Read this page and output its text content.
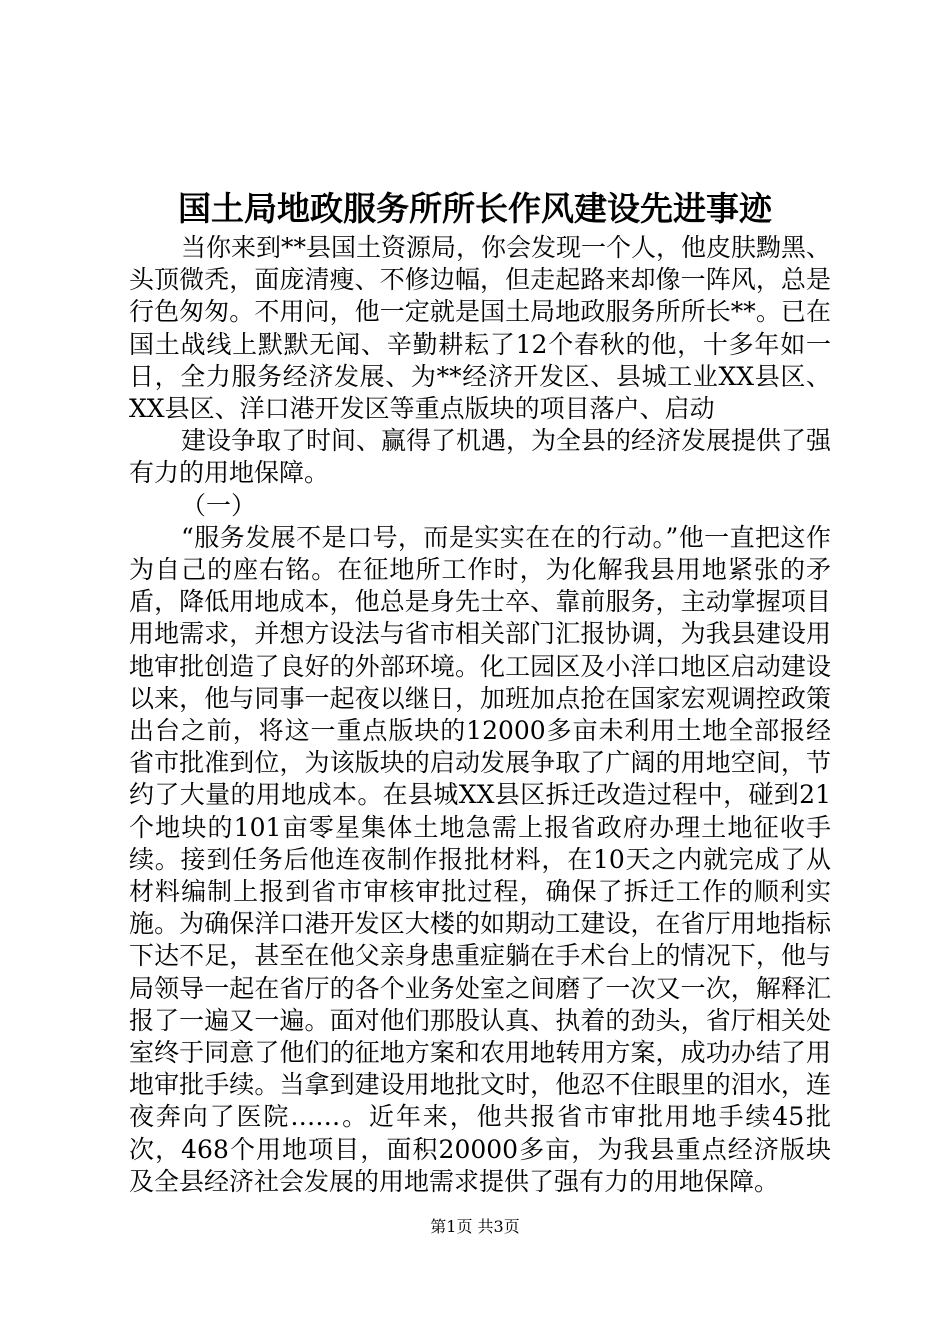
国土局地政服务所所长作风建设先进事迹

当你来到**县国土资源局，你会发现一个人，他皮肤黝黑、头顶微秃，面庞清瘦、不修边幅，但走起路来却像一阵风，总是行色匆匆。不用问，他一定就是国土局地政服务所所长**。已在国土战线上默默无闻、辛勤耕耘了12个春秋的他，十多年如一日，全力服务经济发展、为**经济开发区、县城工业XX县区、XX县区、洋口港开发区等重点版块的项目落户、启动

建设争取了时间、赢得了机遇，为全县的经济发展提供了强有力的用地保障。

（一）

“服务发展不是口号，而是实实在在的行动。”他一直把这作为自己的座右铭。在征地所工作时，为化解我县用地紧张的矛盾，降低用地成本，他总是身先士卒、靠前服务，主动掌握项目用地需求，并想方设法与省市相关部门汇报协调，为我县建设用地审批创造了良好的外部环境。化工园区及小洋口地区启动建设以来，他与同事一起夜以继日，加班加点抢在国家宏观调控政策出台之前，将这一重点版块的12000多亩未利用土地全部报经省市批准到位，为该版块的启动发展争取了广阔的用地空间，节约了大量的用地成本。在县城XX县区拆迁改造过程中，碰到21个地块的101亩零星集体土地急需上报省政府办理土地征收手续。接到任务后他连夜制作报批材料，在10天之内就完成了从材料编制上报到省市审核审批过程，确保了拆迁工作的顺利实施。为确保洋口港开发区大楼的如期动工建设，在省厅用地指标下达不足，甚至在他父亲身患重症躺在手术台上的情况下，他与局领导一起在省厅的各个业务处室之间磨了一次又一次，解释汇报了一遍又一遍。面对他们那股认真、执着的劲头，省厅相关处室终于同意了他们的征地方案和农用地转用方案，成功办结了用地审批手续。当拿到建设用地批文时，他忍不住眼里的泪水，连夜奔向了医院……。近年来，他共报省市审批用地手续45批次，468个用地项目，面积20000多亩，为我县重点经济版块及全县经济社会发展的用地需求提供了强有力的用地保障。

第1页 共3页
